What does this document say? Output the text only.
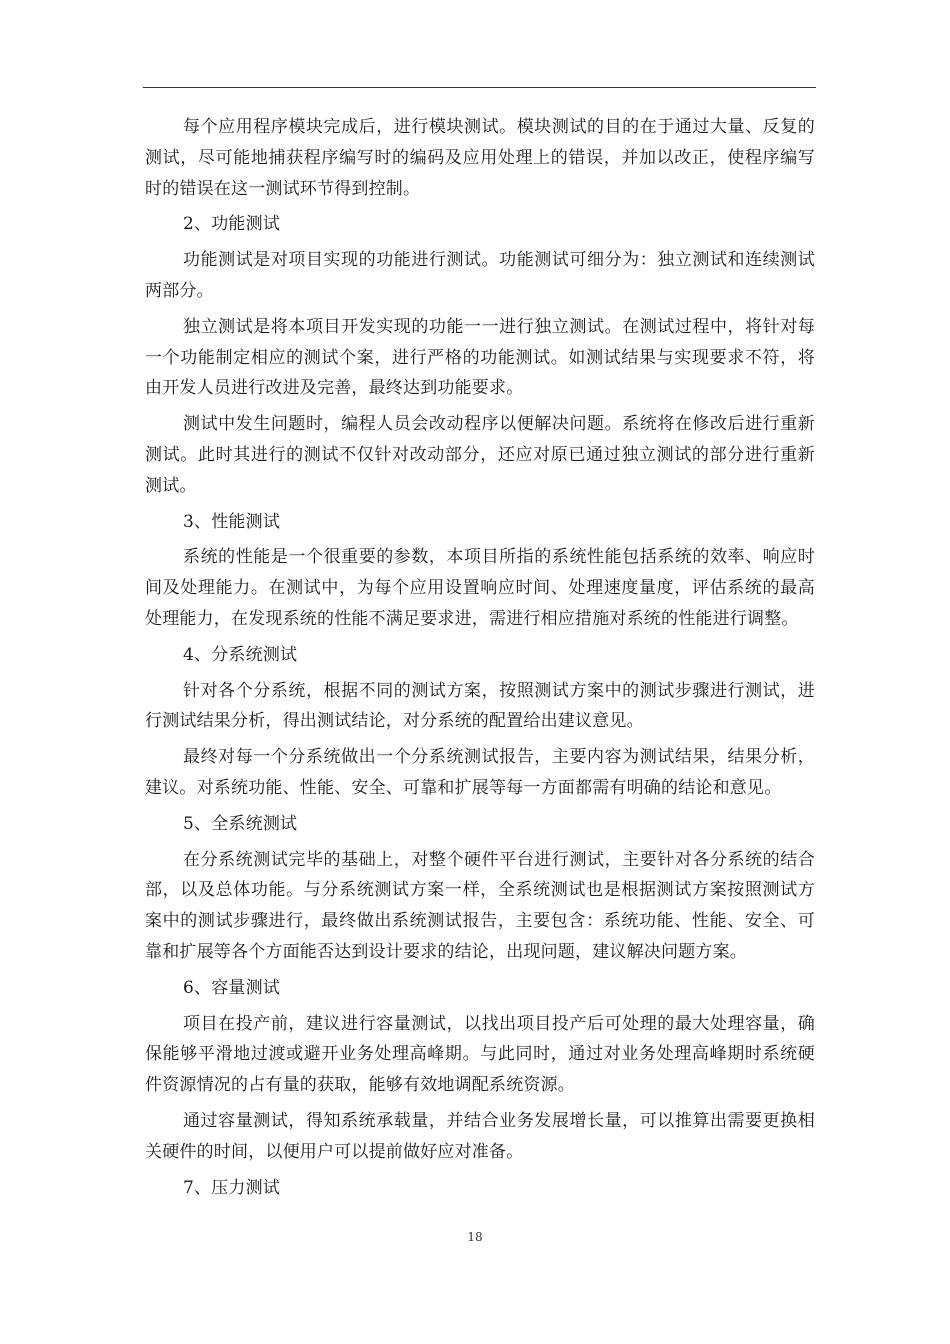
每个应用程序模块完成后，进行模块测试。模块测试的目的在于通过大量、反复的测试，尽可能地捕获程序编写时的编码及应用处理上的错误，并加以改正，使程序编写时的错误在这一测试环节得到控制。

2、功能测试

功能测试是对项目实现的功能进行测试。功能测试可细分为：独立测试和连续测试两部分。

独立测试是将本项目开发实现的功能一一进行独立测试。在测试过程中，将针对每一个功能制定相应的测试个案，进行严格的功能测试。如测试结果与实现要求不符，将由开发人员进行改进及完善，最终达到功能要求。

测试中发生问题时，编程人员会改动程序以便解决问题。系统将在修改后进行重新测试。此时其进行的测试不仅针对改动部分，还应对原已通过独立测试的部分进行重新测试。

3、性能测试

系统的性能是一个很重要的参数，本项目所指的系统性能包括系统的效率、响应时间及处理能力。在测试中，为每个应用设置响应时间、处理速度量度，评估系统的最高处理能力，在发现系统的性能不满足要求进，需进行相应措施对系统的性能进行调整。

4、分系统测试

针对各个分系统，根据不同的测试方案，按照测试方案中的测试步骤进行测试，进行测试结果分析，得出测试结论，对分系统的配置给出建议意见。

最终对每一个分系统做出一个分系统测试报告，主要内容为测试结果，结果分析，建议。对系统功能、性能、安全、可靠和扩展等每一方面都需有明确的结论和意见。

5、全系统测试

在分系统测试完毕的基础上，对整个硬件平台进行测试，主要针对各分系统的结合部，以及总体功能。与分系统测试方案一样，全系统测试也是根据测试方案按照测试方案中的测试步骤进行，最终做出系统测试报告，主要包含：系统功能、性能、安全、可靠和扩展等各个方面能否达到设计要求的结论，出现问题，建议解决问题方案。

6、容量测试

项目在投产前，建议进行容量测试，以找出项目投产后可处理的最大处理容量，确保能够平滑地过渡或避开业务处理高峰期。与此同时，通过对业务处理高峰期时系统硬件资源情况的占有量的获取，能够有效地调配系统资源。

通过容量测试，得知系统承载量，并结合业务发展增长量，可以推算出需要更换相关硬件的时间，以便用户可以提前做好应对准备。

7、压力测试

18
